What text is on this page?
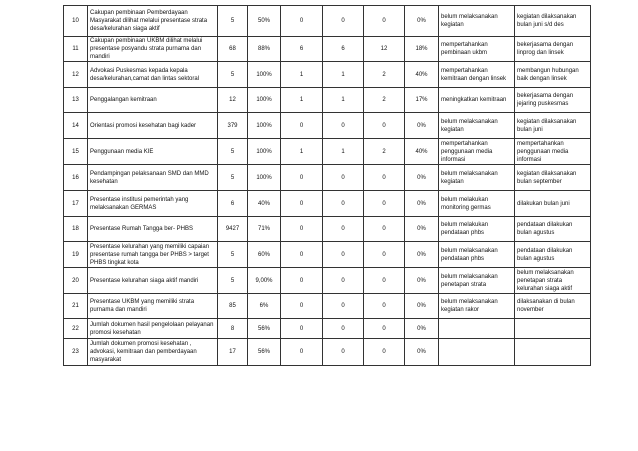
10	Cakupan pembinaan Pemberdayaan Masyarakat dilihat melalui presentase strata desa/kelurahan siaga aktif	5	50%	0	0	0	0%	belum melaksanakan kegiatan	kegiatan dilaksanakan bulan juni s/d des
11	Cakupan pembinaan UKBM dilihat melalui presentase posyandu strata purnama dan mandiri	68	88%	6	6	12	18%	mempertahankan pembinaan ukbm	bekerjasama dengan linprog dan linsek
12	Advokasi Puskesmas kepada kepala desa/kelurahan,camat dan lintas sektoral	5	100%	1	1	2	40%	mempertahankan kemitraan dengan linsek	membangun hubungan baik dengan linsek
13	Penggalangan kemitraan	12	100%	1	1	2	17%	meningkatkan kemitraan	bekerjasama dengan jejaring puskesmas
14	Orientasi promosi kesehatan bagi kader	379	100%	0	0	0	0%	belum melaksanakan kegiatan	kegiatan dilaksanakan bulan juni
15	Penggunaan media KIE	5	100%	1	1	2	40%	mempertahankan penggunaan media informasi	mempertahankan penggunaan media informasi
16	Pendampingan pelaksanaan SMD dan MMD kesehatan	5	100%	0	0	0	0%	belum melaksanakan kegiatan	kegiatan dilaksanakan bulan september
17	Presentase institusi pemerintah yang melaksanakan GERMAS	6	40%	0	0	0	0%	belum melakukan monitoring germas	dilakukan bulan juni
18	Presentase Rumah Tangga ber- PHBS	9427	71%	0	0	0	0%	belum melakukan pendataan phbs	pendataan dilakukan bulan agustus
19	Presentase kelurahan yang memiliki capaian presentase rumah tangga ber PHBS > target PHBS tingkat kota	5	60%	0	0	0	0%	belum melaksanakan pendataan phbs	pendataan dilakukan bulan agustus
20	Presentase kelurahan siaga aktif mandiri	5	9,00%	0	0	0	0%	belum melaksanakan penetapan strata	belum melaksanakan penetapan strata kelurahan siaga aktif
21	Presentase UKBM yang memiliki strata purnama dan mandiri	85	6%	0	0	0	0%	belum melaksanakan kegiatan rakor	dilaksanakan di bulan november
22	Jumlah dokumen hasil pengelolaan pelayanan promosi kesehatan	8	56%	0	0	0	0%		
23	Jumlah dokumen promosi kesehatan , advokasi, kemitraan dan pemberdayaan masyarakat	17	56%	0	0	0	0%		
